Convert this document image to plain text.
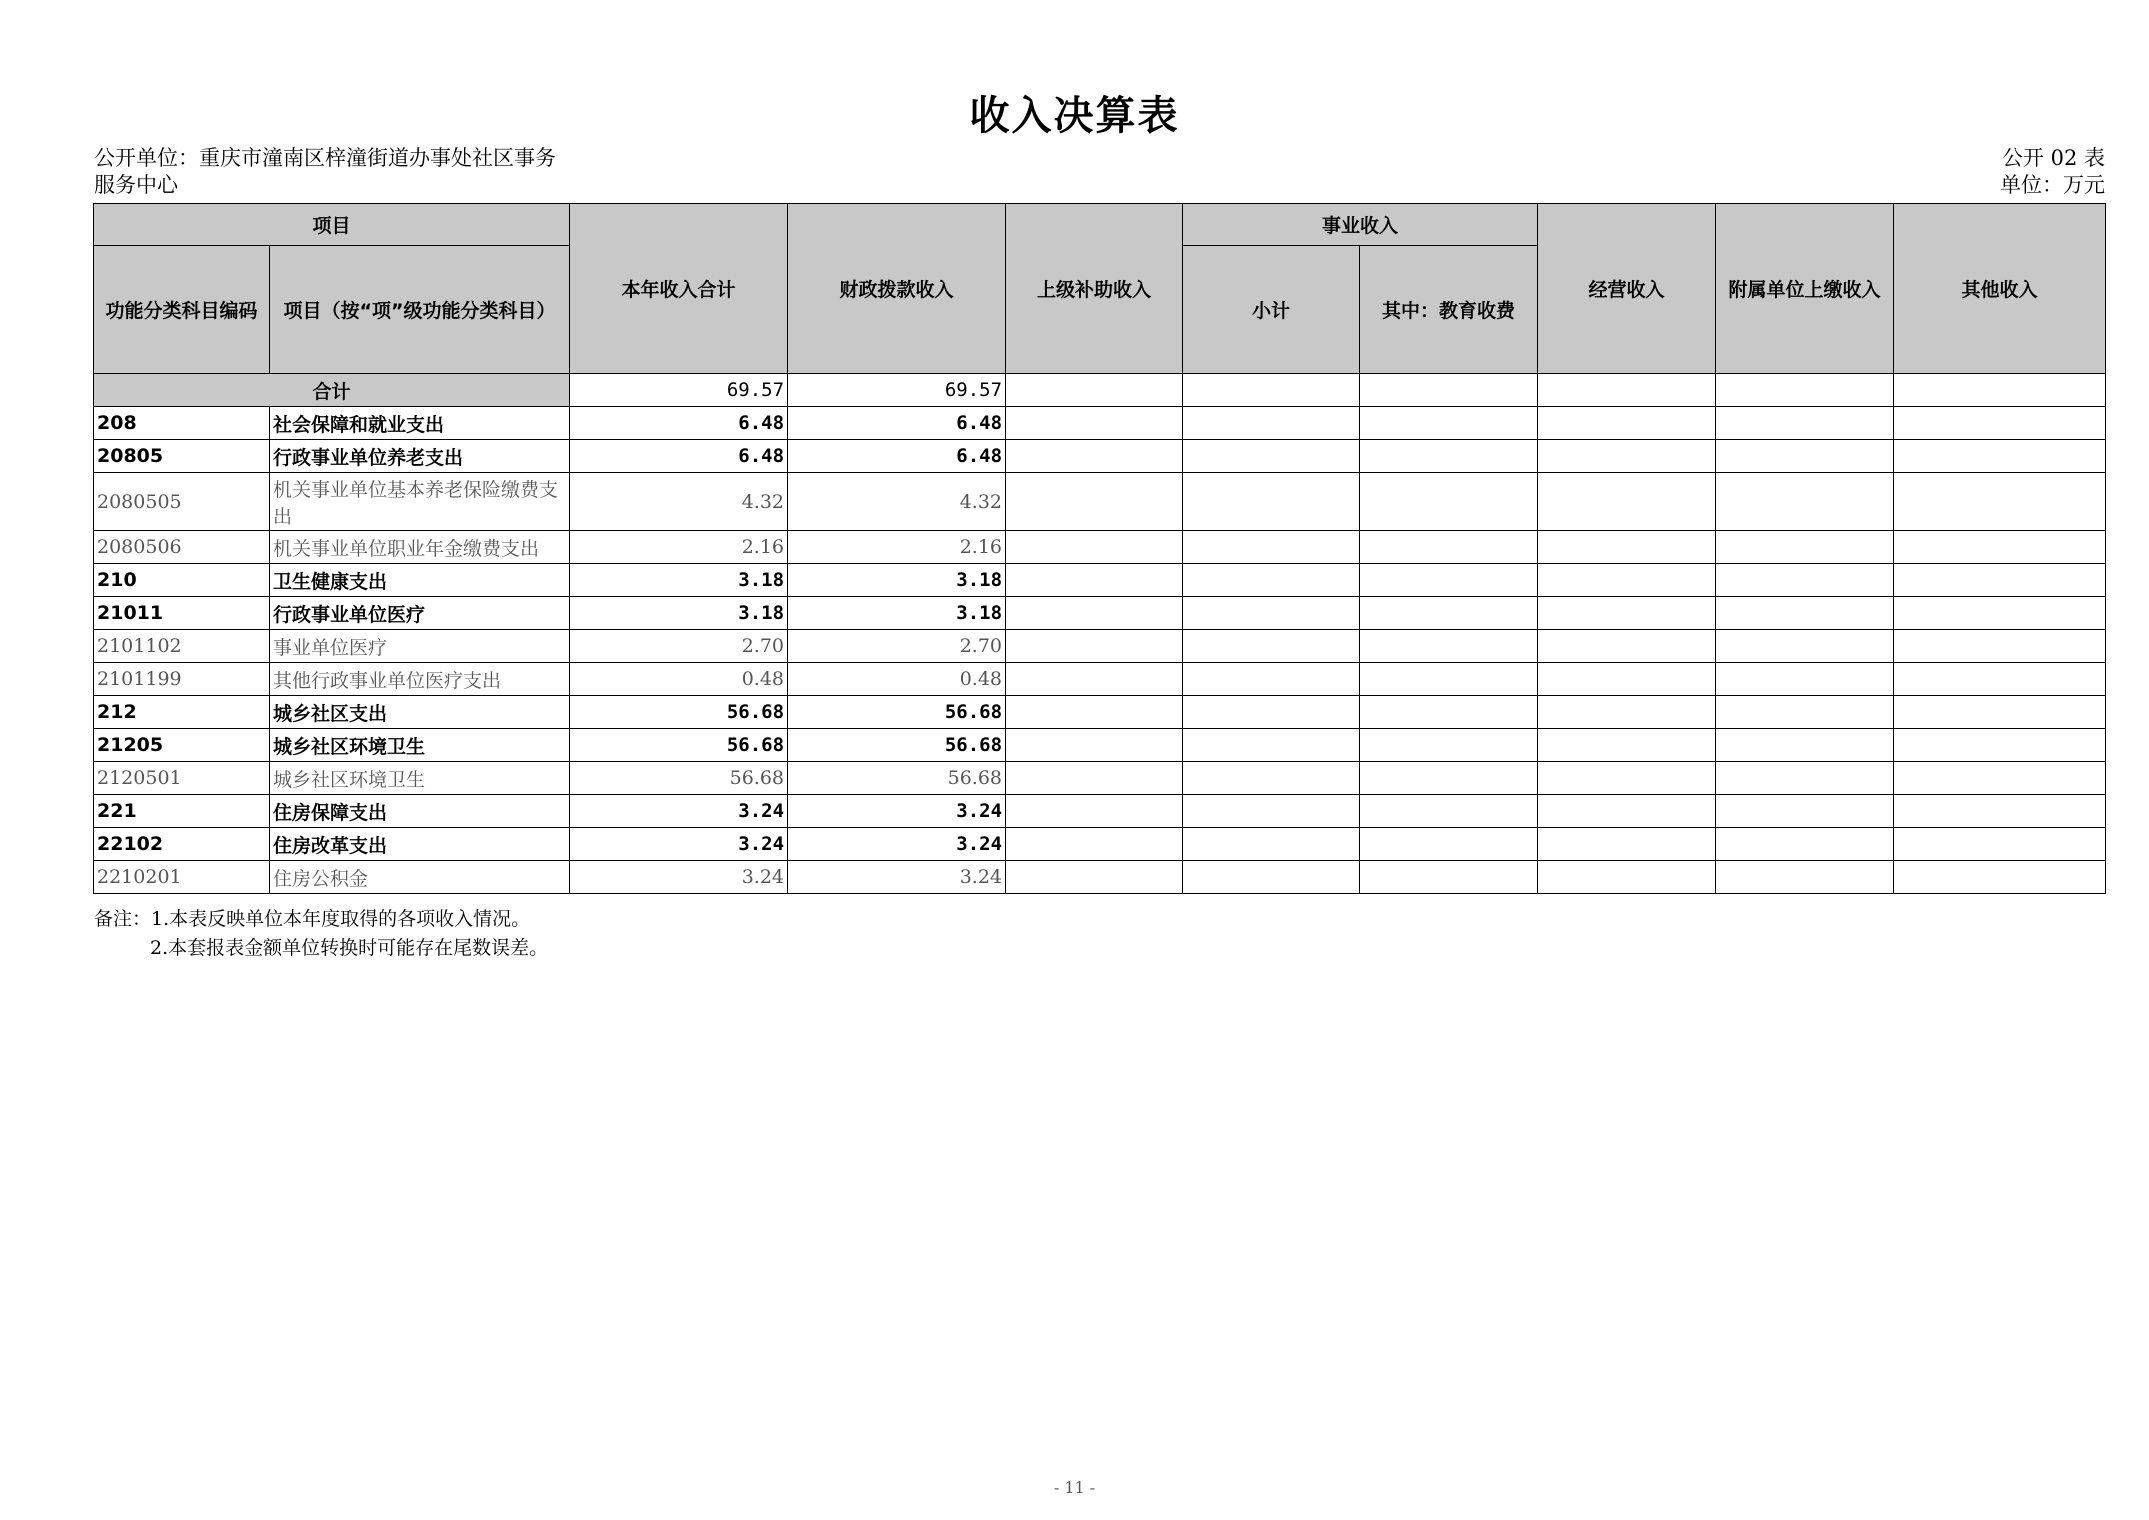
收入决算表
公开单位：重庆市潼南区梓潼街道办事处社区事务
服务中心
公开 02 表
单位：万元
项目		本年收入合计	财政拨款收入	上级补助收入	事业收入		经营收入	附属单位上缴收入	其他收入
功能分类科目编码	项目（按“项”级功能分类科目）				小计	其中：教育收费			
合计		69.57	69.57						
208	社会保障和就业支出	6.48	6.48						
20805	行政事业单位养老支出	6.48	6.48						
2080505	机关事业单位基本养老保险缴费支出	4.32	4.32						
2080506	机关事业单位职业年金缴费支出	2.16	2.16						
210	卫生健康支出	3.18	3.18						
21011	行政事业单位医疗	3.18	3.18						
2101102	事业单位医疗	2.70	2.70						
2101199	其他行政事业单位医疗支出	0.48	0.48						
212	城乡社区支出	56.68	56.68						
21205	城乡社区环境卫生	56.68	56.68						
2120501	城乡社区环境卫生	56.68	56.68						
221	住房保障支出	3.24	3.24						
22102	住房改革支出	3.24	3.24						
2210201	住房公积金	3.24	3.24						
备注：1.本表反映单位本年度取得的各项收入情况。
2.本套报表金额单位转换时可能存在尾数误差。
- 11 -
